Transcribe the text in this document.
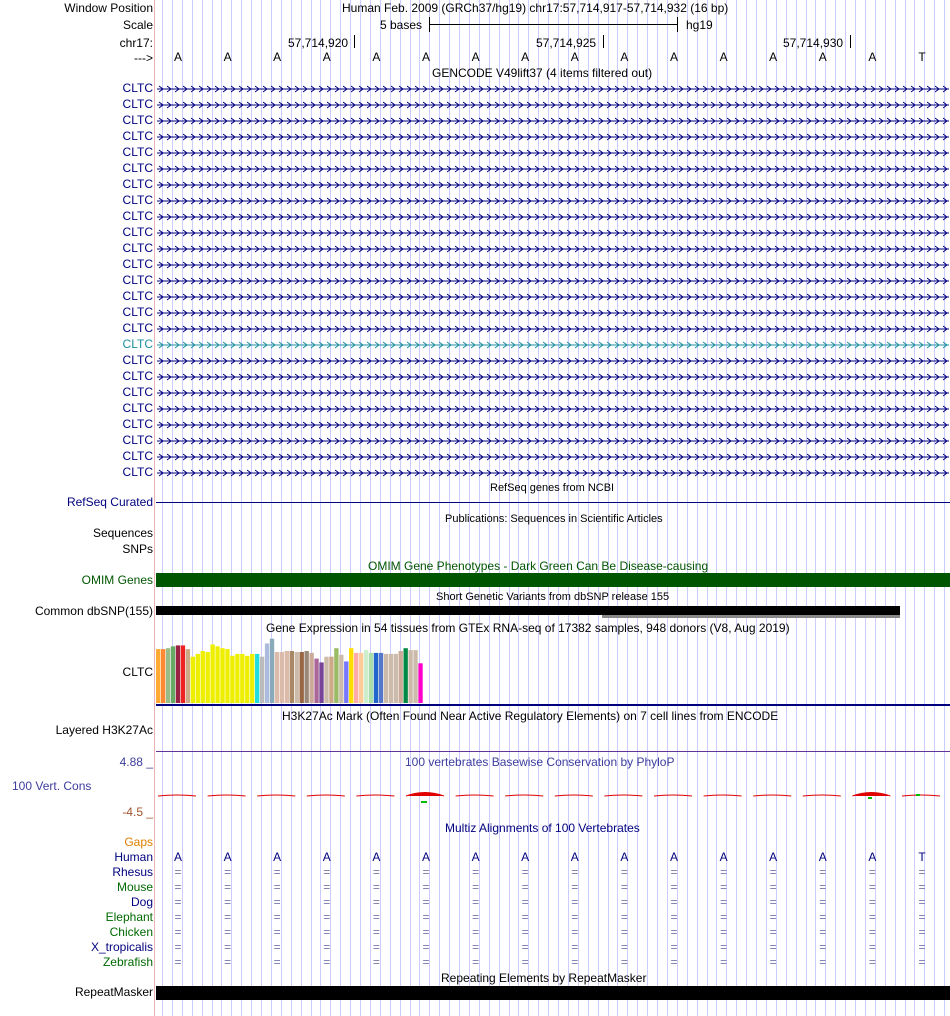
Window Position	Human Feb. 2009 (GRCh37/hg19) chr17:57,714,917-57,714,932 (16 bp)
Scale	5 bases	hg19
chr17:	57,714,920	57,714,925	57,714,930
--->	A	A	A	A	A	A	A	A	A	A	A	A	A	A	A	T
GENCODE V49lift37 (4 items filtered out)
CLTC
CLTC
CLTC
CLTC
CLTC
CLTC
CLTC
CLTC
CLTC
CLTC
CLTC
CLTC
CLTC
CLTC
CLTC
CLTC
CLTC
CLTC
CLTC
CLTC
CLTC
CLTC
CLTC
CLTC
CLTC
RefSeq Curated
RefSeq genes from NCBI
Publications: Sequences in Scientific Articles
Sequences
SNPs
OMIM Gene Phenotypes - Dark Green Can Be Disease-causing
OMIM Genes
Short Genetic Variants from dbSNP release 155
Common dbSNP(155)
Gene Expression in 54 tissues from GTEx RNA-seq of 17382 samples, 948 donors (V8, Aug 2019)
CLTC
H3K27Ac Mark (Often Found Near Active Regulatory Elements) on 7 cell lines from ENCODE
Layered H3K27Ac
100 vertebrates Basewise Conservation by PhyloP
4.88 _
100 Vert. Cons
-4.5 _
Multiz Alignments of 100 Vertebrates
Gaps
Human	A	A	A	A	A	A	A	A	A	A	A	A	A	A	A	T
Rhesus	=	=	=	=	=	=	=	=	=	=	=	=	=	=	=	=
Mouse	=	=	=	=	=	=	=	=	=	=	=	=	=	=	=	=
Dog	=	=	=	=	=	=	=	=	=	=	=	=	=	=	=	=
Elephant	=	=	=	=	=	=	=	=	=	=	=	=	=	=	=	=
Chicken	=	=	=	=	=	=	=	=	=	=	=	=	=	=	=	=
X_tropicalis	=	=	=	=	=	=	=	=	=	=	=	=	=	=	=	=
Zebrafish	=	=	=	=	=	=	=	=	=	=	=	=	=	=	=	=
Repeating Elements by RepeatMasker
RepeatMasker
